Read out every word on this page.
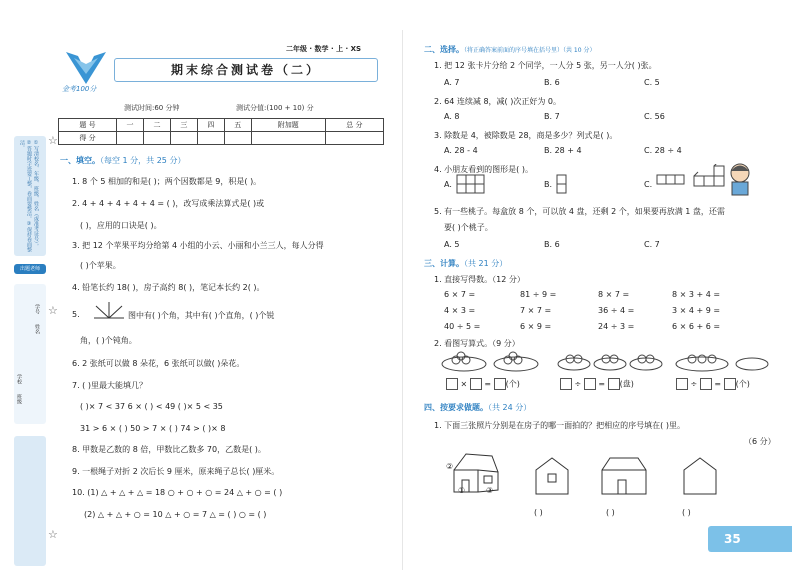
①写清校名、年级、班级、姓名（或准考证号）。②答题时字迹要工整，卷面要整洁。③保持卷面整洁。
出题老师
学校
班级
学号
姓名
☆
☆
☆
金考100分
二年级 · 数学 · 上 · XS
期末综合测试卷（二）
测试时间:60 分钟	测试分值:(100 + 10) 分
题 号	一	二	三	四	五	附加题	总 分
得 分							
一、填空。（每空 1 分，共 25 分）
1. 8 个 5 相加的和是( )；两个因数都是 9，积是( )。
2. 4 + 4 + 4 + 4 + 4 = ( )，改写成乘法算式是( )或
( )，应用的口诀是( )。
3. 把 12 个苹果平均分给第 4 小组的小云、小丽和小兰三人，每人分得
( )个苹果。
4. 铅笔长约 18( )，房子高约 8( )，笔记本长约 2( )。
5.	图中有( )个角，其中有( )个直角，( )个锐
角，( )个钝角。
6. 2 张纸可以做 8 朵花，6 张纸可以做( )朵花。
7. ( )里最大能填几？
( )× 7 < 37 6 × ( ) < 49 ( )× 5 < 35
31 > 6 × ( ) 50 > 7 × ( ) 74 > ( )× 8
8. 甲数是乙数的 8 倍，甲数比乙数多 70，乙数是( )。
9. 一根绳子对折 2 次后长 9 厘米，原来绳子总长( )厘米。
10. (1) △ + △ + △ = 18 ○ + ○ + ○ = 24 △ + ○ = ( )
(2) △ + △ + ○ = 10 △ + ○ = 7 △ = ( ) ○ = ( )
二、选择。（将正确答案前面的序号填在括号里）（共 10 分）
1. 把 12 张卡片分给 2 个同学，一人分 5 张，另一人分( )张。
A. 7	B. 6	C. 5
2. 64 连续减 8，减( )次正好为 0。
A. 8	B. 7	C. 56
3. 除数是 4，被除数是 28，商是多少？列式是( )。
A. 28 - 4	B. 28 + 4	C. 28 ÷ 4
4. 小朋友看到的图形是( )。
A.	B.	C.
5. 有一些桃子。每盒放 8 个，可以放 4 盘，还剩 2 个，如果要再放满 1 盘，还需
要( )个桃子。
A. 5	B. 6	C. 7
三、计算。（共 21 分）
1. 直接写得数。（12 分）
6 × 7 =	81 ÷ 9 =	8 × 7 =	8 × 3 + 4 =
4 × 3 =	7 × 7 =	36 ÷ 4 =	3 × 4 + 9 =
40 ÷ 5 =	6 × 9 =	24 ÷ 3 =	6 × 6 + 6 =
2. 看图写算式。（9 分）
×  = (个)	÷  = (盘)	÷  = (个)
四、按要求做题。（共 24 分）
1. 下面三张照片分别是在房子的哪一面拍的？把相应的序号填在( )里。
（6 分）
②
①	③
( )	( )	( )
35
